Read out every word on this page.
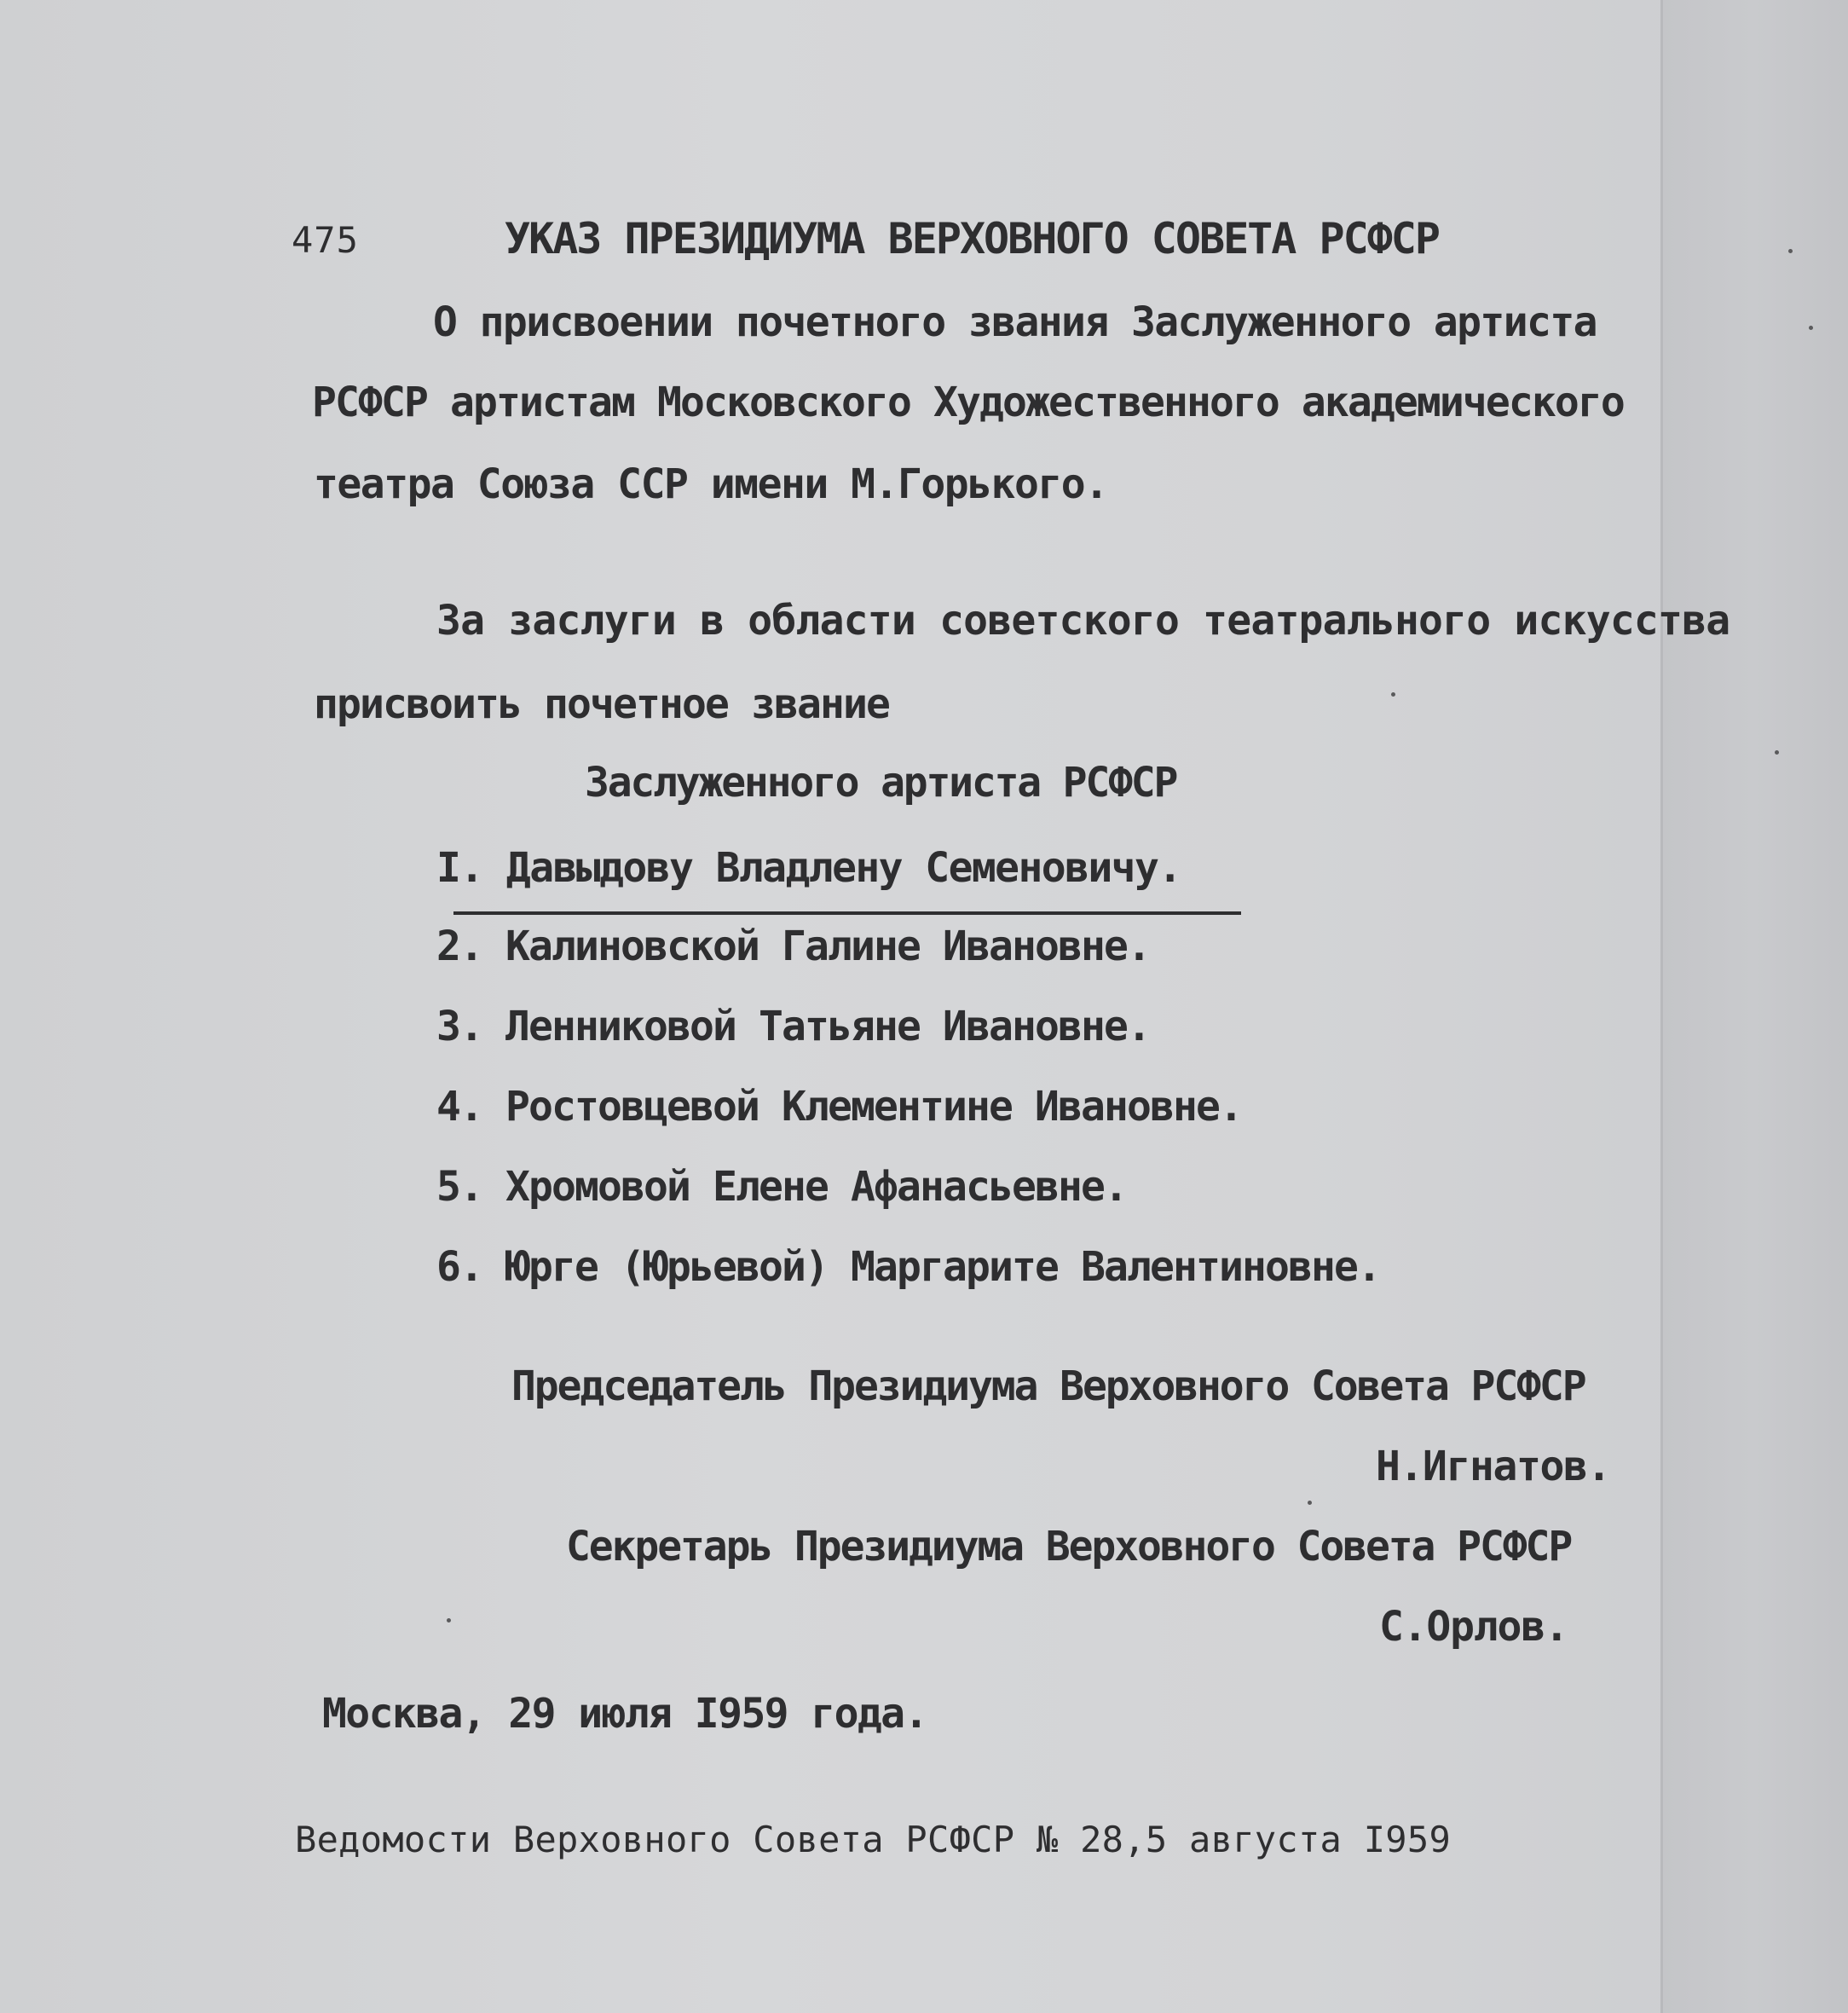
475	УКАЗ ПРЕЗИДИУМА ВЕРХОВНОГО СОВЕТА РСФСР
О присвоении почетного звания Заслуженного артиста
РСФСР артистам Московского Художественного академического
театра Союза ССР имени М.Горького.
За заслуги в области советского театрального искусства
присвоить почетное звание
Заслуженного артиста РСФСР
I. Давыдову Владлену Семеновичу.
2. Калиновской Галине Ивановне.
3. Ленниковой Татьяне Ивановне.
4. Ростовцевой Клементине Ивановне.
5. Хромовой Елене Афанасьевне.
6. Юрге (Юрьевой) Маргарите Валентиновне.
Председатель Президиума Верховного Совета РСФСР
Н.Игнатов.
Секретарь Президиума Верховного Совета РСФСР
С.Орлов.
Москва, 29 июля I959 года.
Ведомости Верховного Совета РСФСР № 28,5 августа I959
